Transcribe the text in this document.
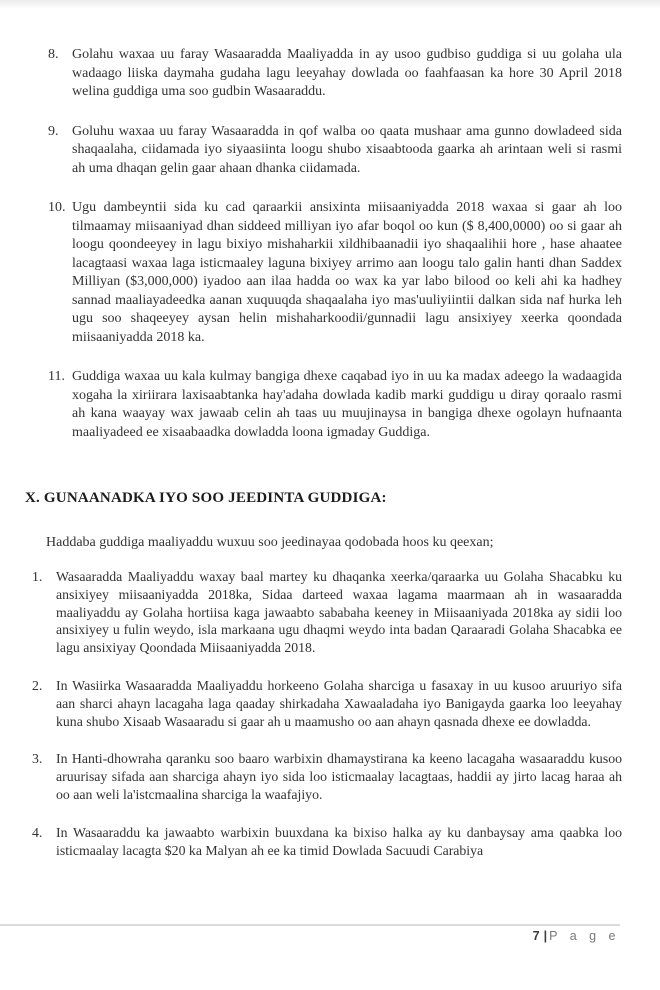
8. Golahu waxaa uu faray Wasaaradda Maaliyadda in ay usoo gudbiso guddiga si uu golaha ula wadaago liiska daymaha gudaha lagu leeyahay dowlada oo faahfaasan ka hore 30 April 2018 welina guddiga uma soo gudbin Wasaaraddu.
9. Goluhu waxaa uu faray Wasaaradda in qof walba oo qaata mushaar ama gunno dowladeed sida shaqaalaha, ciidamada iyo siyaasiinta loogu shubo xisaabtooda gaarka ah arintaan weli si rasmi ah uma dhaqan gelin gaar ahaan dhanka ciidamada.
10. Ugu dambeyntii sida ku cad qaraarkii ansixinta miisaaniyadda 2018 waxaa si gaar ah loo tilmaamay miisaaniyad dhan siddeed milliyan iyo afar boqol oo kun ($ 8,400,0000) oo si gaar ah loogu qoondeeyey in lagu bixiyo mishaharkii xildhibaanadii iyo shaqaalihii hore , hase ahaatee lacagtaasi waxaa laga isticmaaley laguna bixiyey arrimo aan loogu talo galin hanti dhan Saddex Milliyan ($3,000,000) iyadoo aan ilaa hadda oo wax ka yar labo bilood oo keli ahi ka hadhey sannad maaliayadeedka aanan xuquuqda shaqaalaha iyo mas'uuliyiintii dalkan sida naf hurka leh ugu soo shaqeeyey aysan helin mishaharkoodii/gunnadii lagu ansixiyey xeerka qoondada miisaaniyadda 2018 ka.
11. Guddiga waxaa uu kala kulmay bangiga dhexe caqabad iyo in uu ka madax adeego la wadaagida xogaha la xiriirara laxisaabtanka hay'adaha dowlada kadib marki guddigu u diray qoraalo rasmi ah kana waayay wax jawaab celin ah taas uu muujinaysa in bangiga dhexe ogolayn hufnaanta maaliyadeed ee xisaabaadka dowladda loona igmaday Guddiga.
X. GUNAANADKA IYO SOO JEEDINTA GUDDIGA:
Haddaba guddiga maaliyaddu wuxuu soo jeedinayaa qodobada hoos ku qeexan;
1. Wasaaradda Maaliyaddu waxay baal martey ku dhaqanka xeerka/qaraarka uu Golaha Shacabku ku ansixiyey miisaaniyadda 2018ka, Sidaa darteed waxaa lagama maarmaan ah in wasaaradda maaliyaddu ay Golaha hortiisa kaga jawaabto sababaha keeney in Miisaaniyada 2018ka ay sidii loo ansixiyey u fulin weydo, isla markaana ugu dhaqmi weydo inta badan Qaraaradi Golaha Shacabka ee lagu ansixiyay Qoondada Miisaaniyadda 2018.
2. In Wasiirka Wasaaradda Maaliyaddu horkeeno Golaha sharciga u fasaxay in uu kusoo aruuriyo sifa aan sharci ahayn lacagaha laga qaaday shirkadaha Xawaaladaha iyo Banigayda gaarka loo leeyahay kuna shubo Xisaab Wasaaradu si gaar ah u maamusho oo aan ahayn qasnada dhexe ee dowladda.
3. In Hanti-dhowraha qaranku soo baaro warbixin dhamaystirana ka keeno lacagaha wasaaraddu kusoo aruurisay sifada aan sharciga ahayn iyo sida loo isticmaalay lacagtaas, haddii ay jirto lacag haraa ah oo aan weli la'istcmaalina sharciga la waafajiyo.
4. In Wasaaraddu ka jawaabto warbixin buuxdana ka bixiso halka ay ku danbaysay ama qaabka loo isticmaalay lacagta $20 ka Malyan ah ee ka timid Dowlada Sacuudi Carabiya
7 | P a g e
